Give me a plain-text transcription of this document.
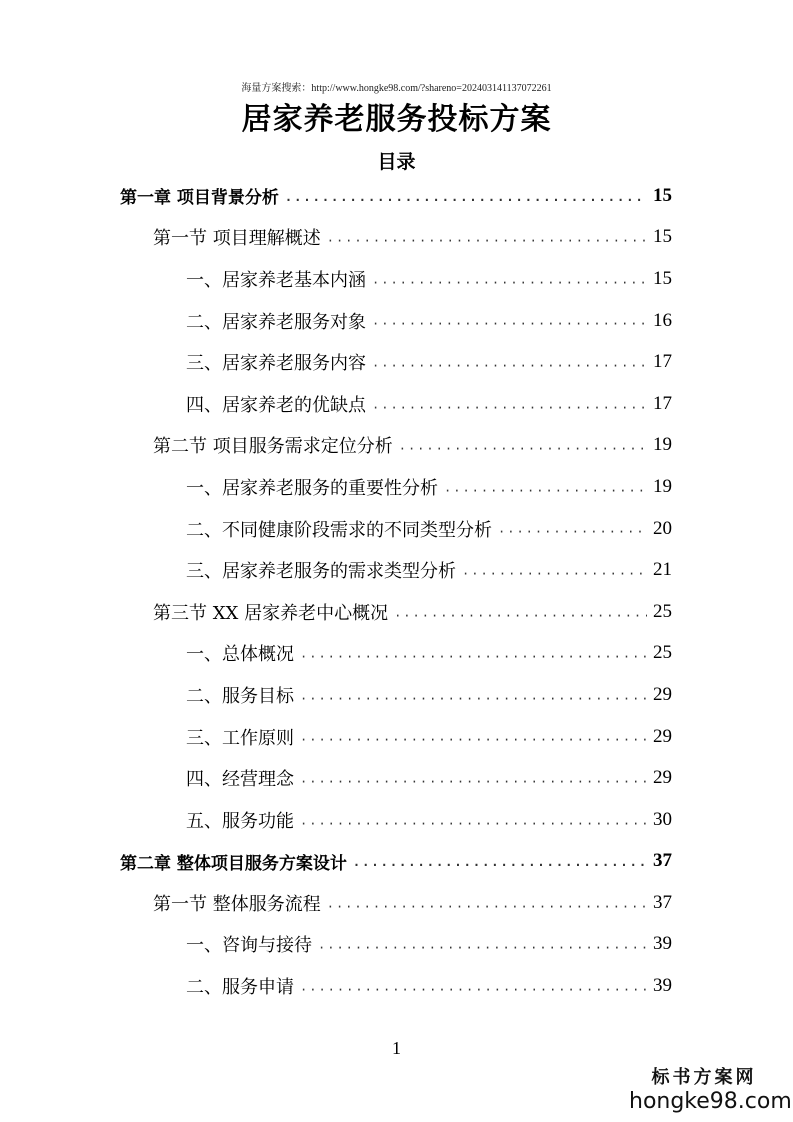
海量方案搜索：http://www.hongke98.com/?shareno=202403141137072261
居家养老服务投标方案
目录
第一章 项目背景分析 ·····	15
第一节 项目理解概述 ·····	15
一、居家养老基本内涵 ·····	15
二、居家养老服务对象 ·····	16
三、居家养老服务内容 ·····	17
四、居家养老的优缺点 ·····	17
第二节 项目服务需求定位分析 ·····	19
一、居家养老服务的重要性分析 ·····	19
二、不同健康阶段需求的不同类型分析 ·····	20
三、居家养老服务的需求类型分析 ·····	21
第三节 XX 居家养老中心概况 ·····	25
一、总体概况 ·····	25
二、服务目标 ·····	29
三、工作原则 ·····	29
四、经营理念 ·····	29
五、服务功能 ·····	30
第二章 整体项目服务方案设计 ·····	37
第一节 整体服务流程 ·····	37
一、咨询与接待 ·····	39
二、服务申请 ·····	39
1
标书方案网
hongke98.com
